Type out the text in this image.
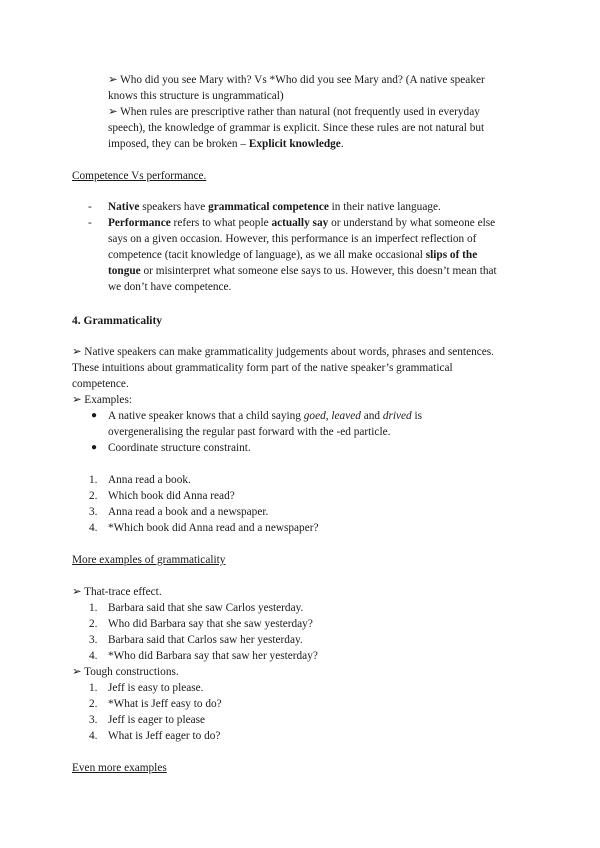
➢ Who did you see Mary with? Vs *Who did you see Mary and? (A native speaker
knows this structure is ungrammatical)
➢ When rules are prescriptive rather than natural (not frequently used in everyday
speech), the knowledge of grammar is explicit. Since these rules are not natural but
imposed, they can be broken – Explicit knowledge.
Competence Vs performance.
- Native speakers have grammatical competence in their native language.
- Performance refers to what people actually say or understand by what someone else
says on a given occasion. However, this performance is an imperfect reflection of
competence (tacit knowledge of language), as we all make occasional slips of the
tongue or misinterpret what someone else says to us. However, this doesn’t mean that
we don’t have competence.
4. Grammaticality
➢ Native speakers can make grammaticality judgements about words, phrases and sentences.
These intuitions about grammaticality form part of the native speaker’s grammatical
competence.
➢ Examples:
● A native speaker knows that a child saying goed, leaved and drived is
overgeneralising the regular past forward with the -ed particle.
● Coordinate structure constraint.
1. Anna read a book.
2. Which book did Anna read?
3. Anna read a book and a newspaper.
4. *Which book did Anna read and a newspaper?
More examples of grammaticality
➢ That-trace effect.
1. Barbara said that she saw Carlos yesterday.
2. Who did Barbara say that she saw yesterday?
3. Barbara said that Carlos saw her yesterday.
4. *Who did Barbara say that saw her yesterday?
➢ Tough constructions.
1. Jeff is easy to please.
2. *What is Jeff easy to do?
3. Jeff is eager to please
4. What is Jeff eager to do?
Even more examples
